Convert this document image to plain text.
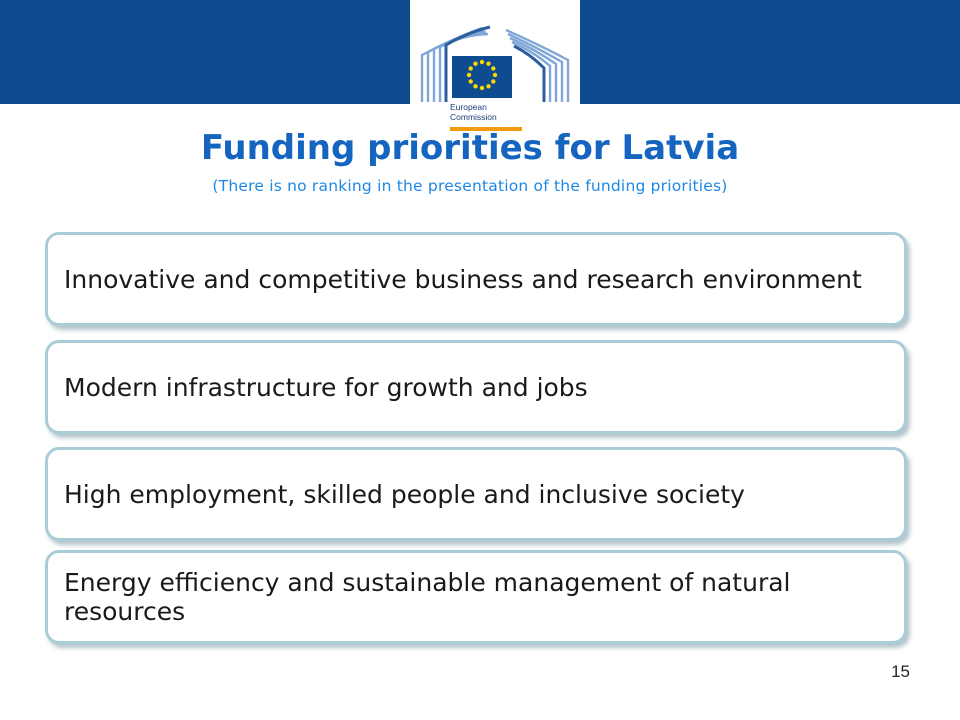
European
Commission
Funding priorities for Latvia
(There is no ranking in the presentation of the funding priorities)
Innovative and competitive business and research environment
Modern infrastructure for growth and jobs
High employment, skilled people and inclusive society
Energy efficiency and sustainable management of natural resources
15
